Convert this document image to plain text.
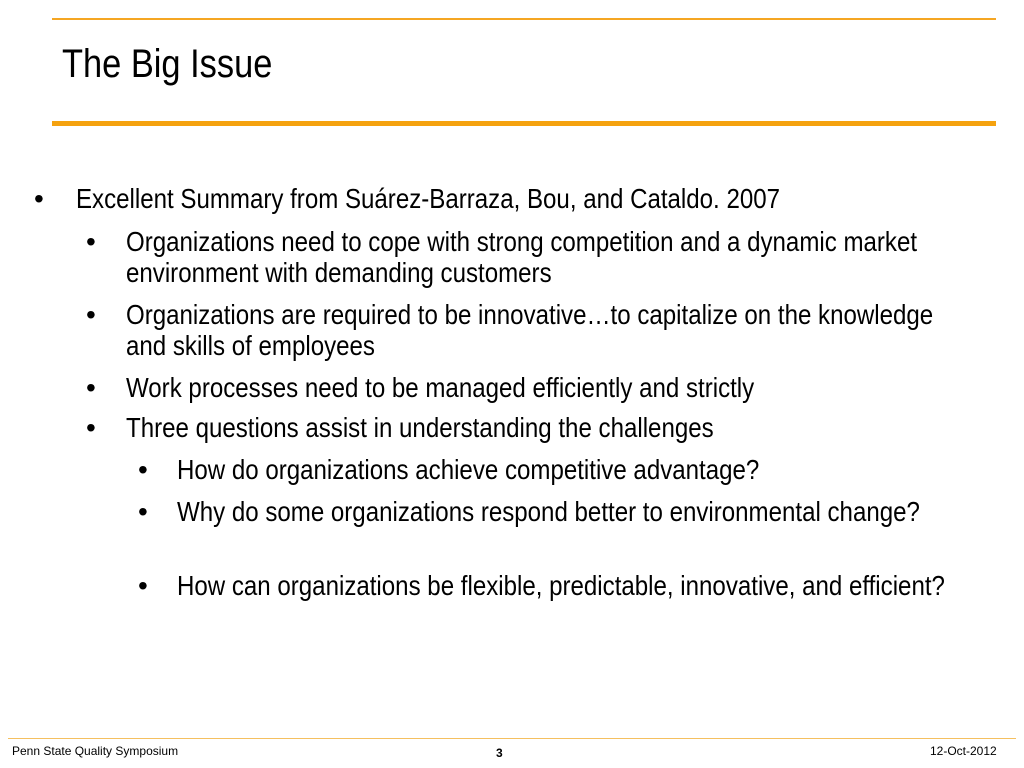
The Big Issue
• Excellent Summary from Suárez-Barraza, Bou, and Cataldo. 2007
• Organizations need to cope with strong competition and a dynamic market environment with demanding customers
• Organizations are required to be innovative…to capitalize on the knowledge and skills of employees
• Work processes need to be managed efficiently and strictly
• Three questions assist in understanding the challenges
• How do organizations achieve competitive advantage?
• Why do some organizations respond better to environmental change?
• How can organizations be flexible, predictable, innovative, and efficient?
Penn State Quality Symposium	3	12-Oct-2012
